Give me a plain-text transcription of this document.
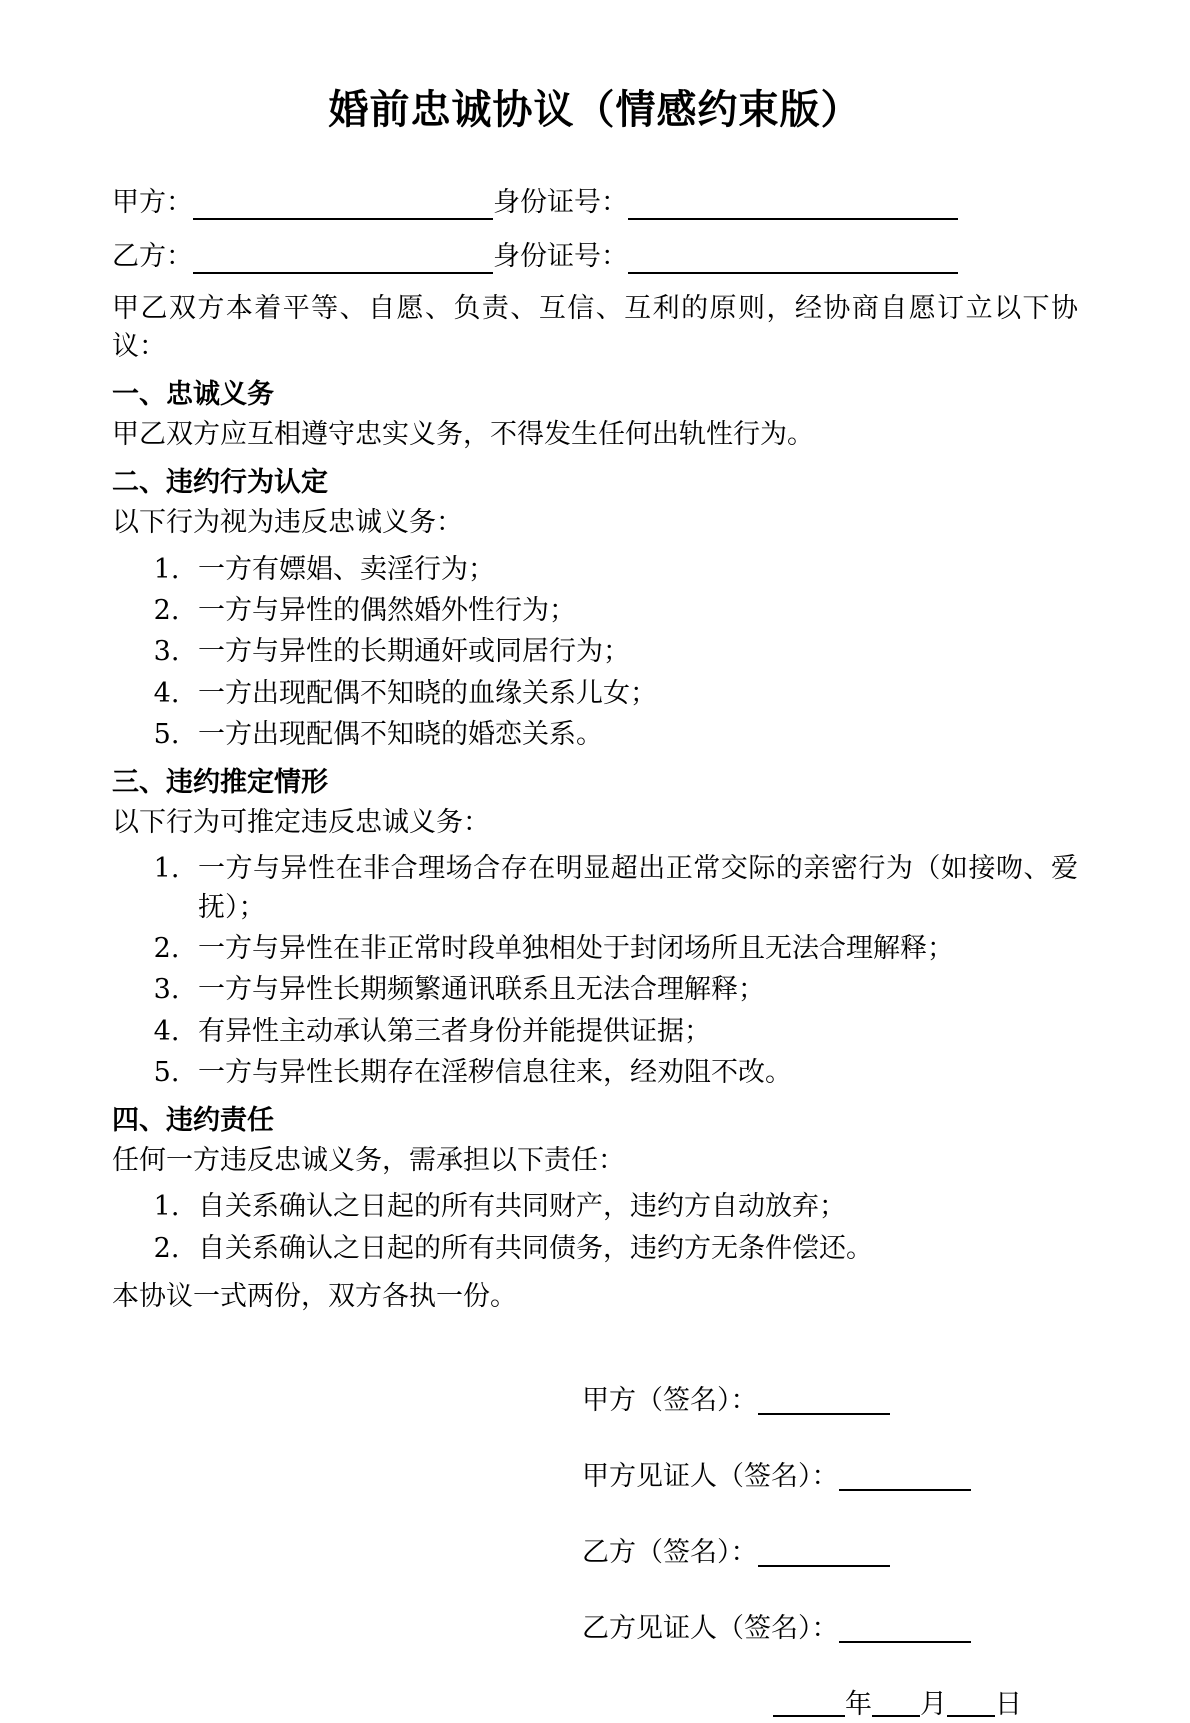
婚前忠诚协议（情感约束版）
甲方：	身份证号：
乙方：	身份证号：

甲乙双方本着平等、自愿、负责、互信、互利的原则，经协商自愿订立以下协议：

一、忠诚义务

甲乙双方应互相遵守忠实义务，不得发生任何出轨性行为。

二、违约行为认定

以下行为视为违反忠诚义务：

1. 一方有嫖娼、卖淫行为；
2. 一方与异性的偶然婚外性行为；
3. 一方与异性的长期通奸或同居行为；
4. 一方出现配偶不知晓的血缘关系儿女；
5. 一方出现配偶不知晓的婚恋关系。
三、违约推定情形

以下行为可推定违反忠诚义务：

1. 一方与异性在非合理场合存在明显超出正常交际的亲密行为（如接吻、爱抚）；
2. 一方与异性在非正常时段单独相处于封闭场所且无法合理解释；
3. 一方与异性长期频繁通讯联系且无法合理解释；
4. 有异性主动承认第三者身份并能提供证据；
5. 一方与异性长期存在淫秽信息往来，经劝阻不改。
四、违约责任

任何一方违反忠诚义务，需承担以下责任：

1. 自关系确认之日起的所有共同财产，违约方自动放弃；
2. 自关系确认之日起的所有共同债务，违约方无条件偿还。

本协议一式两份，双方各执一份。

甲方（签名）：
甲方见证人（签名）：
乙方（签名）：
乙方见证人（签名）：
年 月 日
